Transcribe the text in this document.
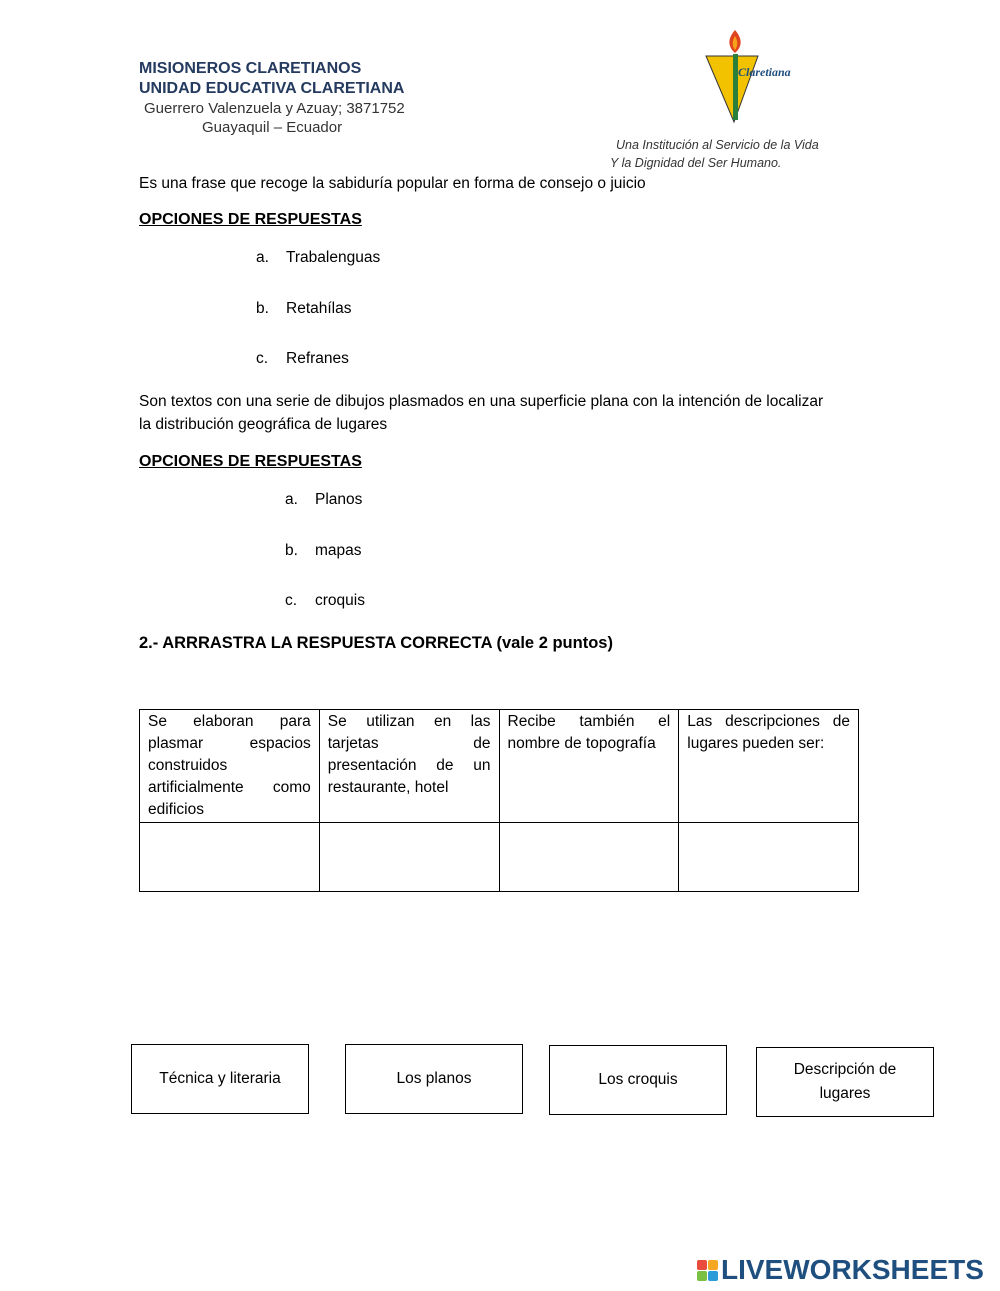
MISIONEROS CLARETIANOS
UNIDAD EDUCATIVA CLARETIANA
Guerrero Valenzuela y Azuay; 3871752
Guayaquil – Ecuador
Claretiana
Una Institución al Servicio de la Vida
Y la Dignidad del Ser Humano.
Es una frase que recoge la sabiduría popular en forma de consejo o juicio
OPCIONES DE RESPUESTAS
a. Trabalenguas
b. Retahílas
c. Refranes
Son textos con una serie de dibujos plasmados en una superficie plana con la intención de localizar
la distribución geográfica de lugares
OPCIONES DE RESPUESTAS
a. Planos
b. mapas
c. croquis
2.- ARRRASTRA LA RESPUESTA CORRECTA (vale 2 puntos)
Se elaboran para plasmar espacios construidos artificialmente como edificios	Se utilizan en las tarjetas de presentación de un restaurante, hotel	Recibe también el nombre de topografía	Las descripciones de lugares pueden ser:

Técnica y literaria	Los planos	Los croquis
Descripción de lugares
LIVEWORKSHEETS
